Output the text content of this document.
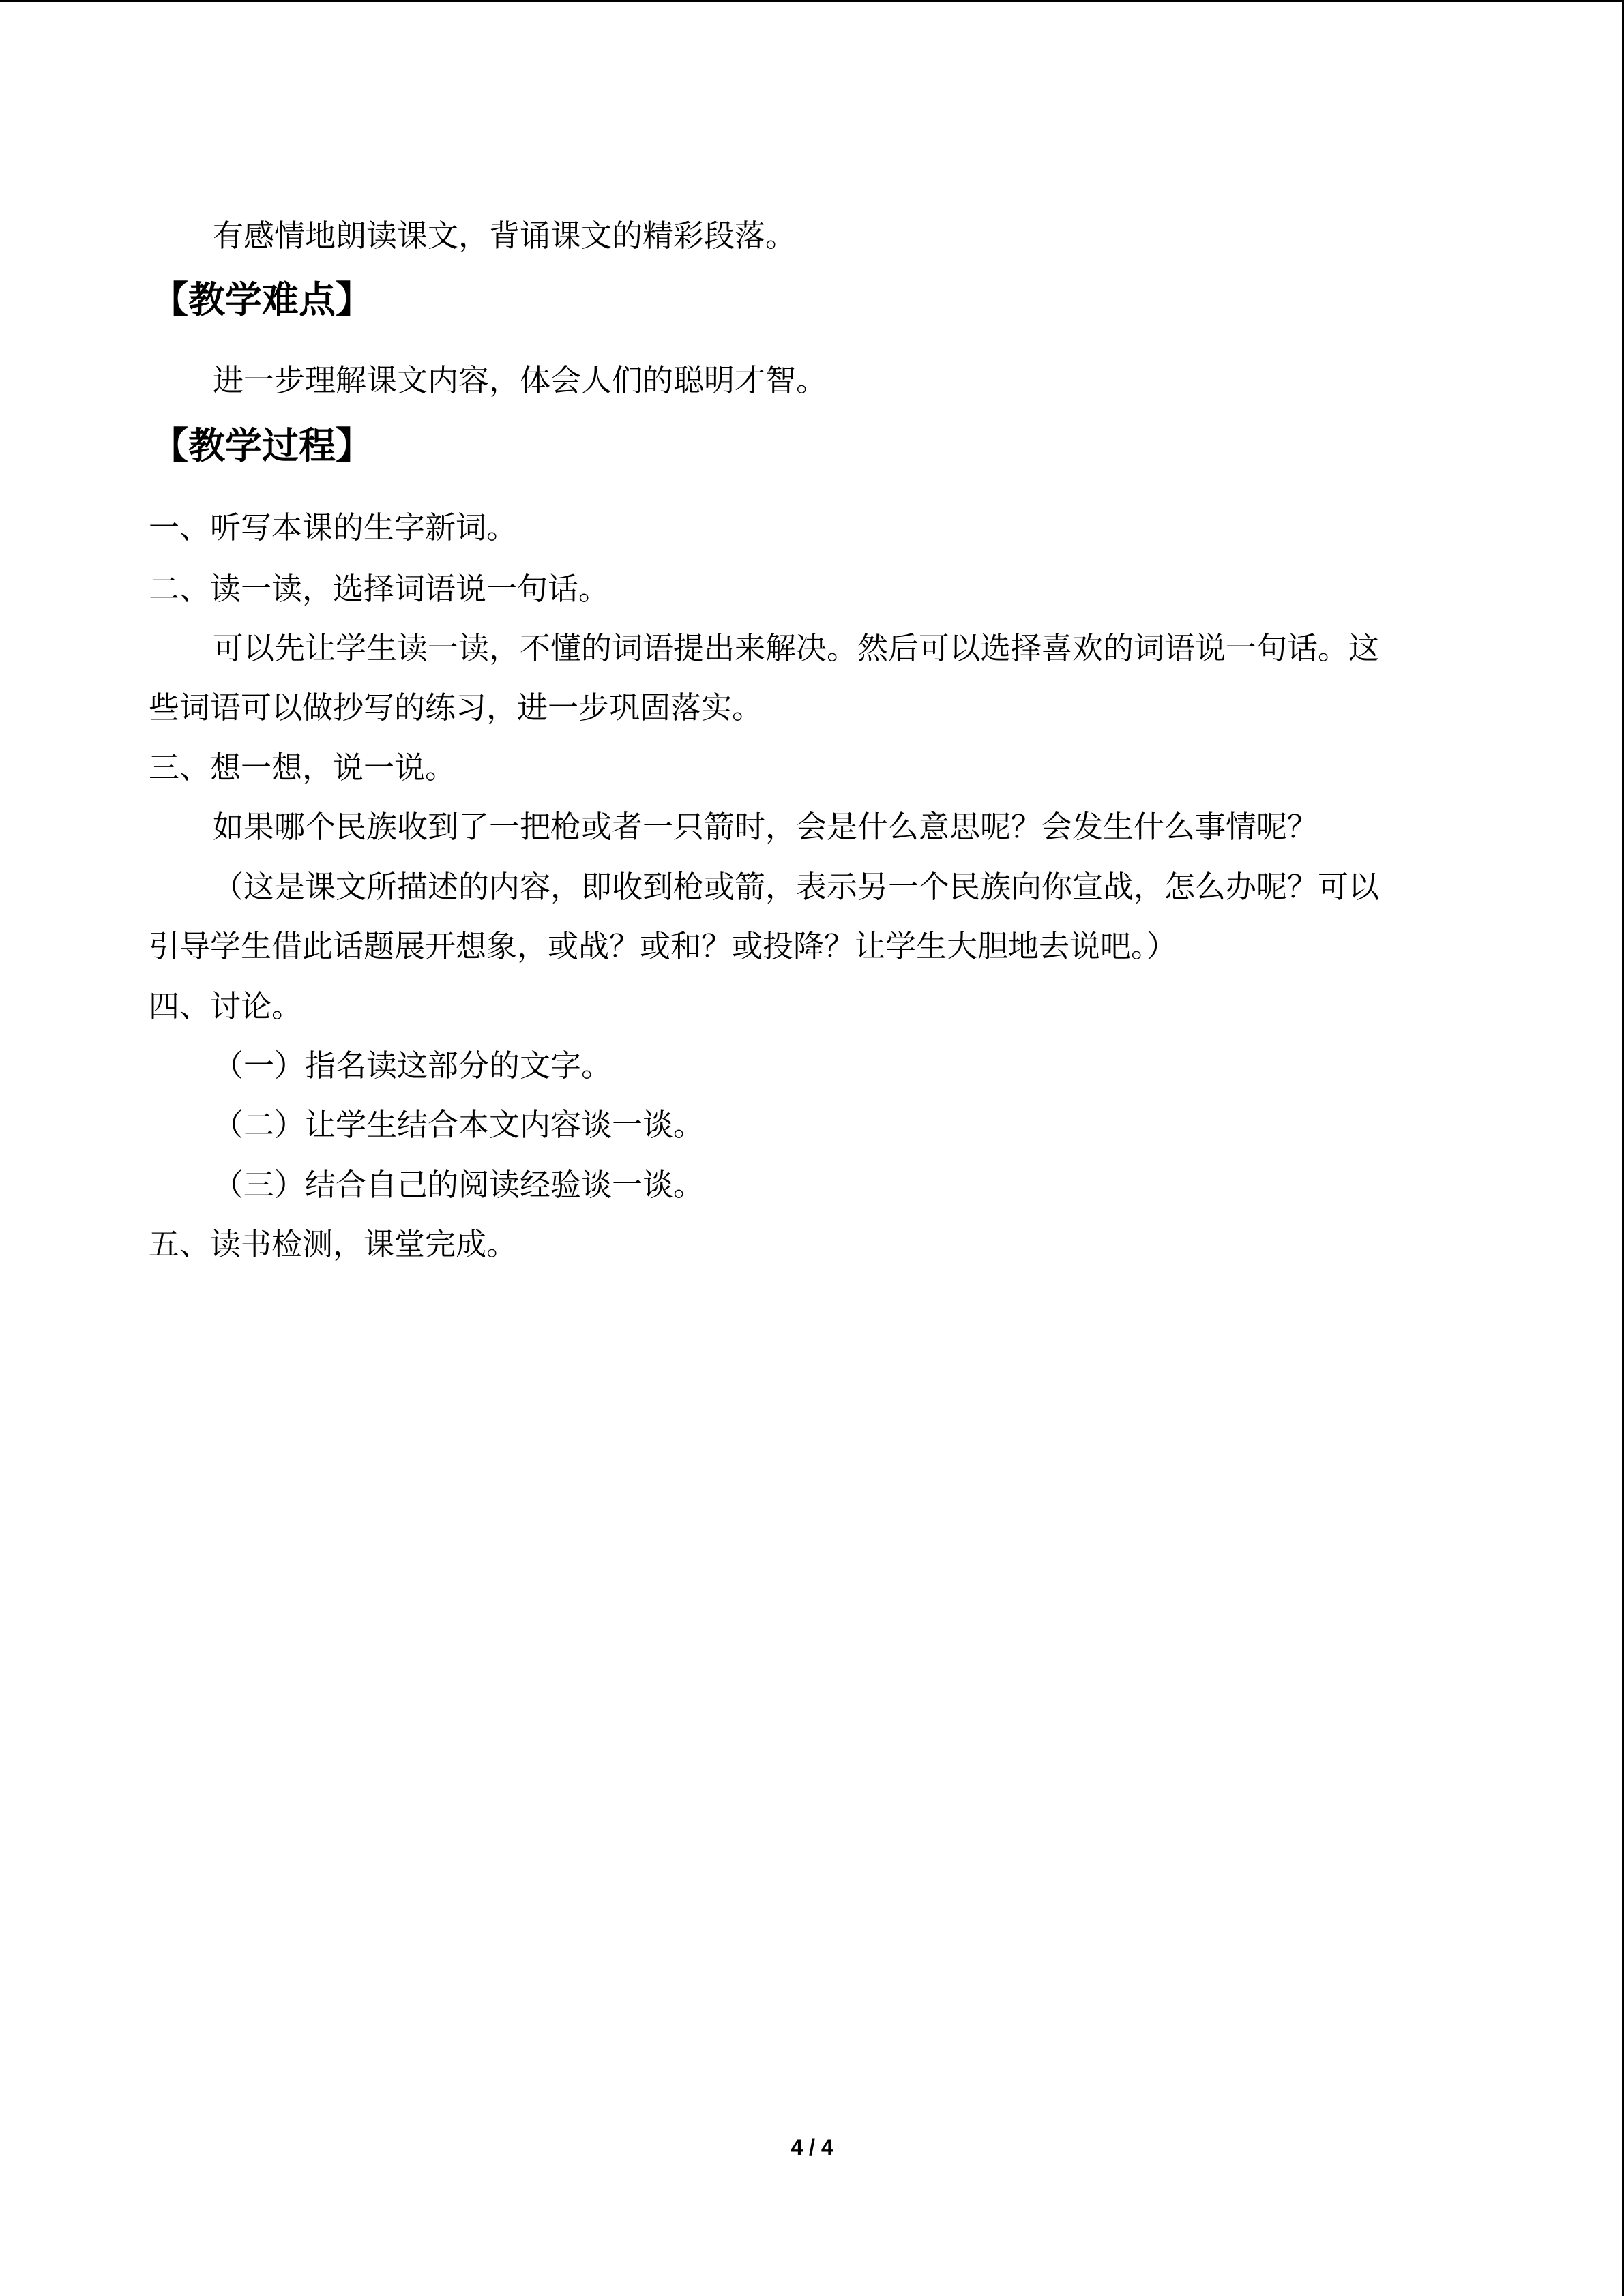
有感情地朗读课文，背诵课文的精彩段落。
【教学难点】
进一步理解课文内容，体会人们的聪明才智。
【教学过程】
一、听写本课的生字新词。
二、读一读，选择词语说一句话。
可以先让学生读一读，不懂的词语提出来解决。然后可以选择喜欢的词语说一句话。这
些词语可以做抄写的练习，进一步巩固落实。
三、想一想，说一说。
如果哪个民族收到了一把枪或者一只箭时，会是什么意思呢？会发生什么事情呢？
（这是课文所描述的内容，即收到枪或箭，表示另一个民族向你宣战，怎么办呢？可以
引导学生借此话题展开想象，或战？或和？或投降？让学生大胆地去说吧。）
四、讨论。
（一）指名读这部分的文字。
（二）让学生结合本文内容谈一谈。
（三）结合自己的阅读经验谈一谈。
五、读书检测，课堂完成。
4 / 4
